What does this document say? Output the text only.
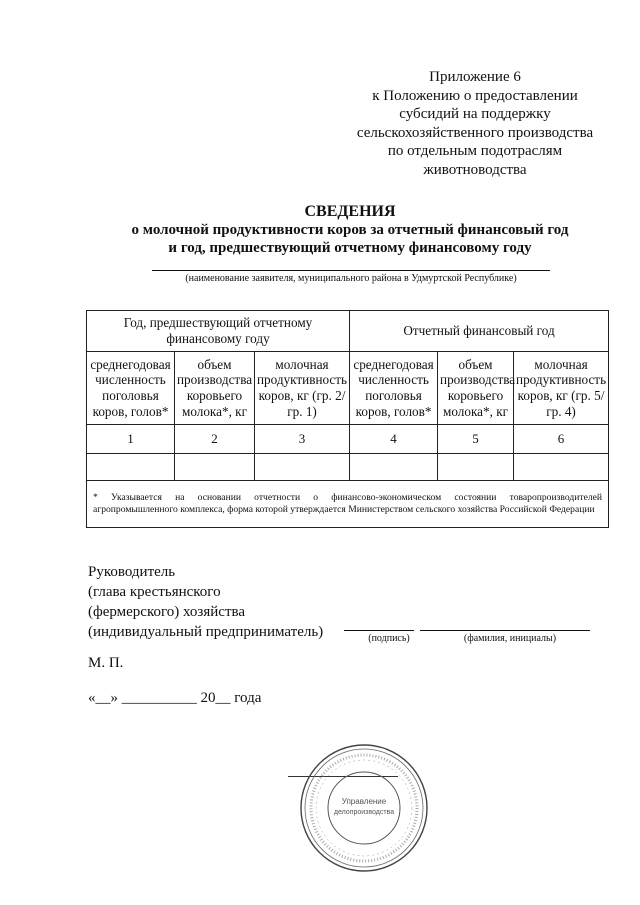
Приложение 6
к Положению о предоставлении
субсидий на поддержку
сельскохозяйственного производства
по отдельным подотраслям
животноводства
СВЕДЕНИЯ
о молочной продуктивности коров за отчетный финансовый год
и год, предшествующий отчетному финансовому году
(наименование заявителя, муниципального района в Удмуртской Республике)
Год, предшествующий отчетному финансовому году			Отчетный финансовый год		
среднегодовая численность поголовья коров, голов*	объем производства коровьего молока*, кг	молочная продуктивность коров, кг (гр. 2/ гр. 1)	среднегодовая численность поголовья коров, голов*	объем производства коровьего молока*, кг	молочная продуктивность коров, кг (гр. 5/ гр. 4)
1	2	3	4	5	6

* Указывается на основании отчетности о финансово-экономическом состоянии товаропроизводителей агропромышленного комплекса, форма которой утверждается Министерством сельского хозяйства Российской Федерации					
Руководитель
(глава крестьянского
(фермерского) хозяйства
(индивидуальный предприниматель)	(подпись)	(фамилия, инициалы)
М. П.
«__» __________ 20__ года
Управление
делопроизводства
